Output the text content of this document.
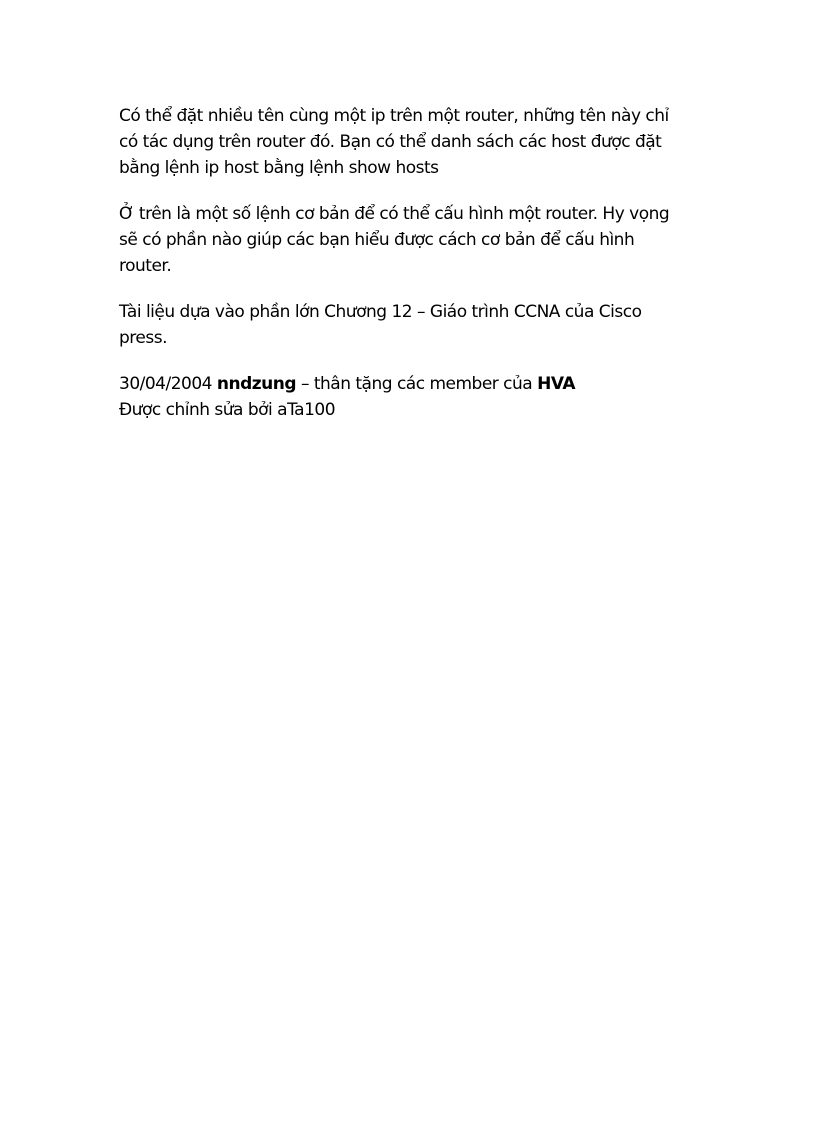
Có thể đặt nhiều tên cùng một ip trên một router, những tên này chỉ
có tác dụng trên router đó. Bạn có thể danh sách các host được đặt
bằng lệnh ip host bằng lệnh show hosts

Ở trên là một số lệnh cơ bản để có thể cấu hình một router. Hy vọng
sẽ có phần nào giúp các bạn hiểu được cách cơ bản để cấu hình
router.

Tài liệu dựa vào phần lớn Chương 12 – Giáo trình CCNA của Cisco
press.

30/04/2004 nndzung – thân tặng các member của HVA
Được chỉnh sửa bởi aTa100
